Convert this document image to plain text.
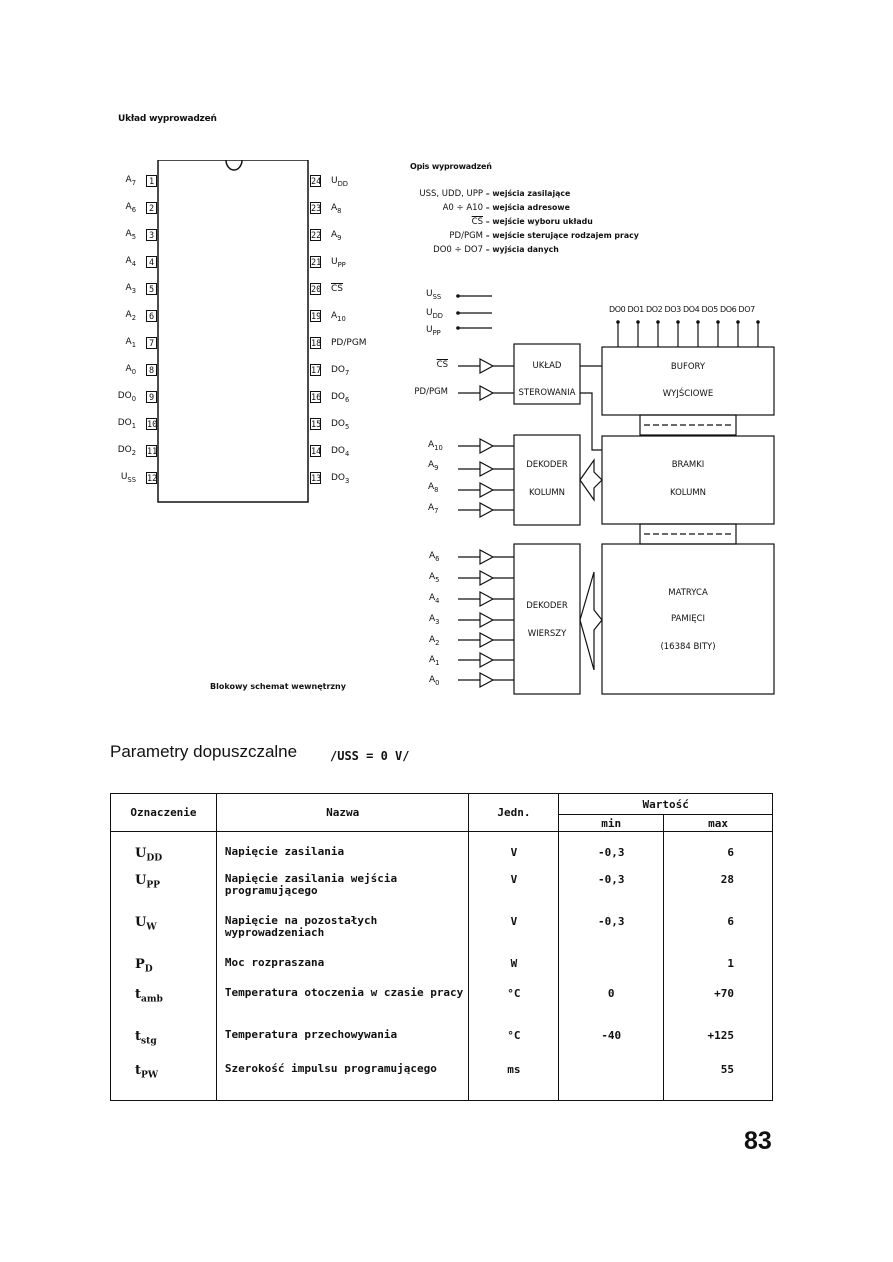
Układ wyprowadzeń
$A_7$	1
$A_6$	2
$A_5$	3
$A_4$	4
$A_3$	5
$A_2$	6
$A_1$	7
$A_0$	8
$DO_0$	9
$DO_1$ 10
$DO_2$ 11
$U_{SS}$ 12
24 $U_{DD}$
23 $A_8$
22 $A_9$
21 $U_{PP}$
20 $\overline{CS}$
19 $A_{10}$
18 PD/PGM
17 $DO_7$
16 $DO_6$
15 $DO_5$
14 $DO_4$
13 $DO_3$
Opis wyprowadzeń
USS, UDD, UPP – wejścia zasilające
A0 ÷ A10 – wejścia adresowe
$\overline{CS}$ – wejście wyboru układu
PD/PGM – wejście sterujące rodzajem pracy
DO0 ÷ DO7 – wyjścia danych
$U_{SS}$
$U_{DD}$
$U_{PP}$
$\overline{CS}$
PD/PGM
DO0 DO1 DO2 DO3 DO4 DO5 DO6 DO7
UKŁAD
STEROWANIA
BUFORY
WYJŚCIOWE
DEKODER
KOLUMN
BRAMKI
KOLUMN
DEKODER
WIERSZY
MATRYCA
PAMIĘCI
(16384 BITY)
$A_{10}$
$A_9$
$A_8$
$A_7$
$A_6$
$A_5$
$A_4$
$A_3$
$A_2$
$A_1$
$A_0$
Blokowy schemat wewnętrzny
Parametry dopuszczalne	/USS = 0 V/
Oznaczenie	Nazwa	Jedn.	Wartość	
			min	max
$U_{DD}$	Napięcie zasilania	V	-0,3	6
$U_{PP}$	Napięcie zasilania wejścia programującego	V	-0,3	28
$U_W$	Napięcie na pozostałych wyprowadzeniach	V	-0,3	6
$P_D$	Moc rozpraszana	W		1
$t_{amb}$	Temperatura otoczenia w czasie pracy	°C	0	+70
$t_{stg}$	Temperatura przechowywania	°C	-40	+125
$t_{PW}$	Szerokość impulsu programującego	ms		55
83
